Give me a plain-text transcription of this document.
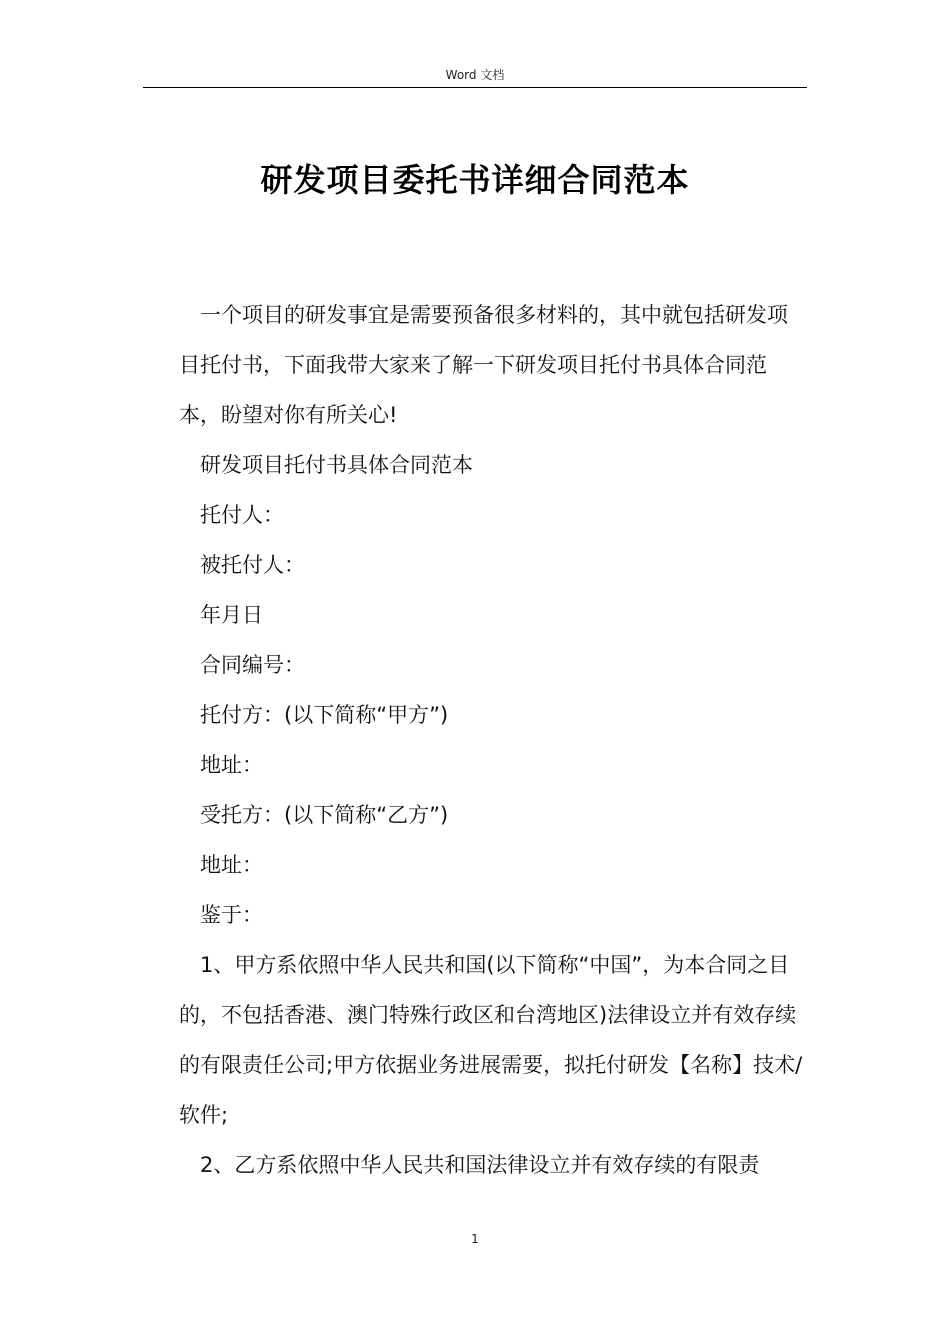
Word 文档
研发项目委托书详细合同范本

一个项目的研发事宜是需要预备很多材料的，其中就包括研发项目托付书，下面我带大家来了解一下研发项目托付书具体合同范本，盼望对你有所关心!

研发项目托付书具体合同范本

托付人：

被托付人：

年月日

合同编号：

托付方：(以下简称“甲方”)

地址：

受托方：(以下简称“乙方”)

地址：

鉴于：

1、甲方系依照中华人民共和国(以下简称“中国”，为本合同之目的，不包括香港、澳门特殊行政区和台湾地区)法律设立并有效存续的有限责任公司;甲方依据业务进展需要，拟托付研发【名称】技术/软件;

2、乙方系依照中华人民共和国法律设立并有效存续的有限责

1
